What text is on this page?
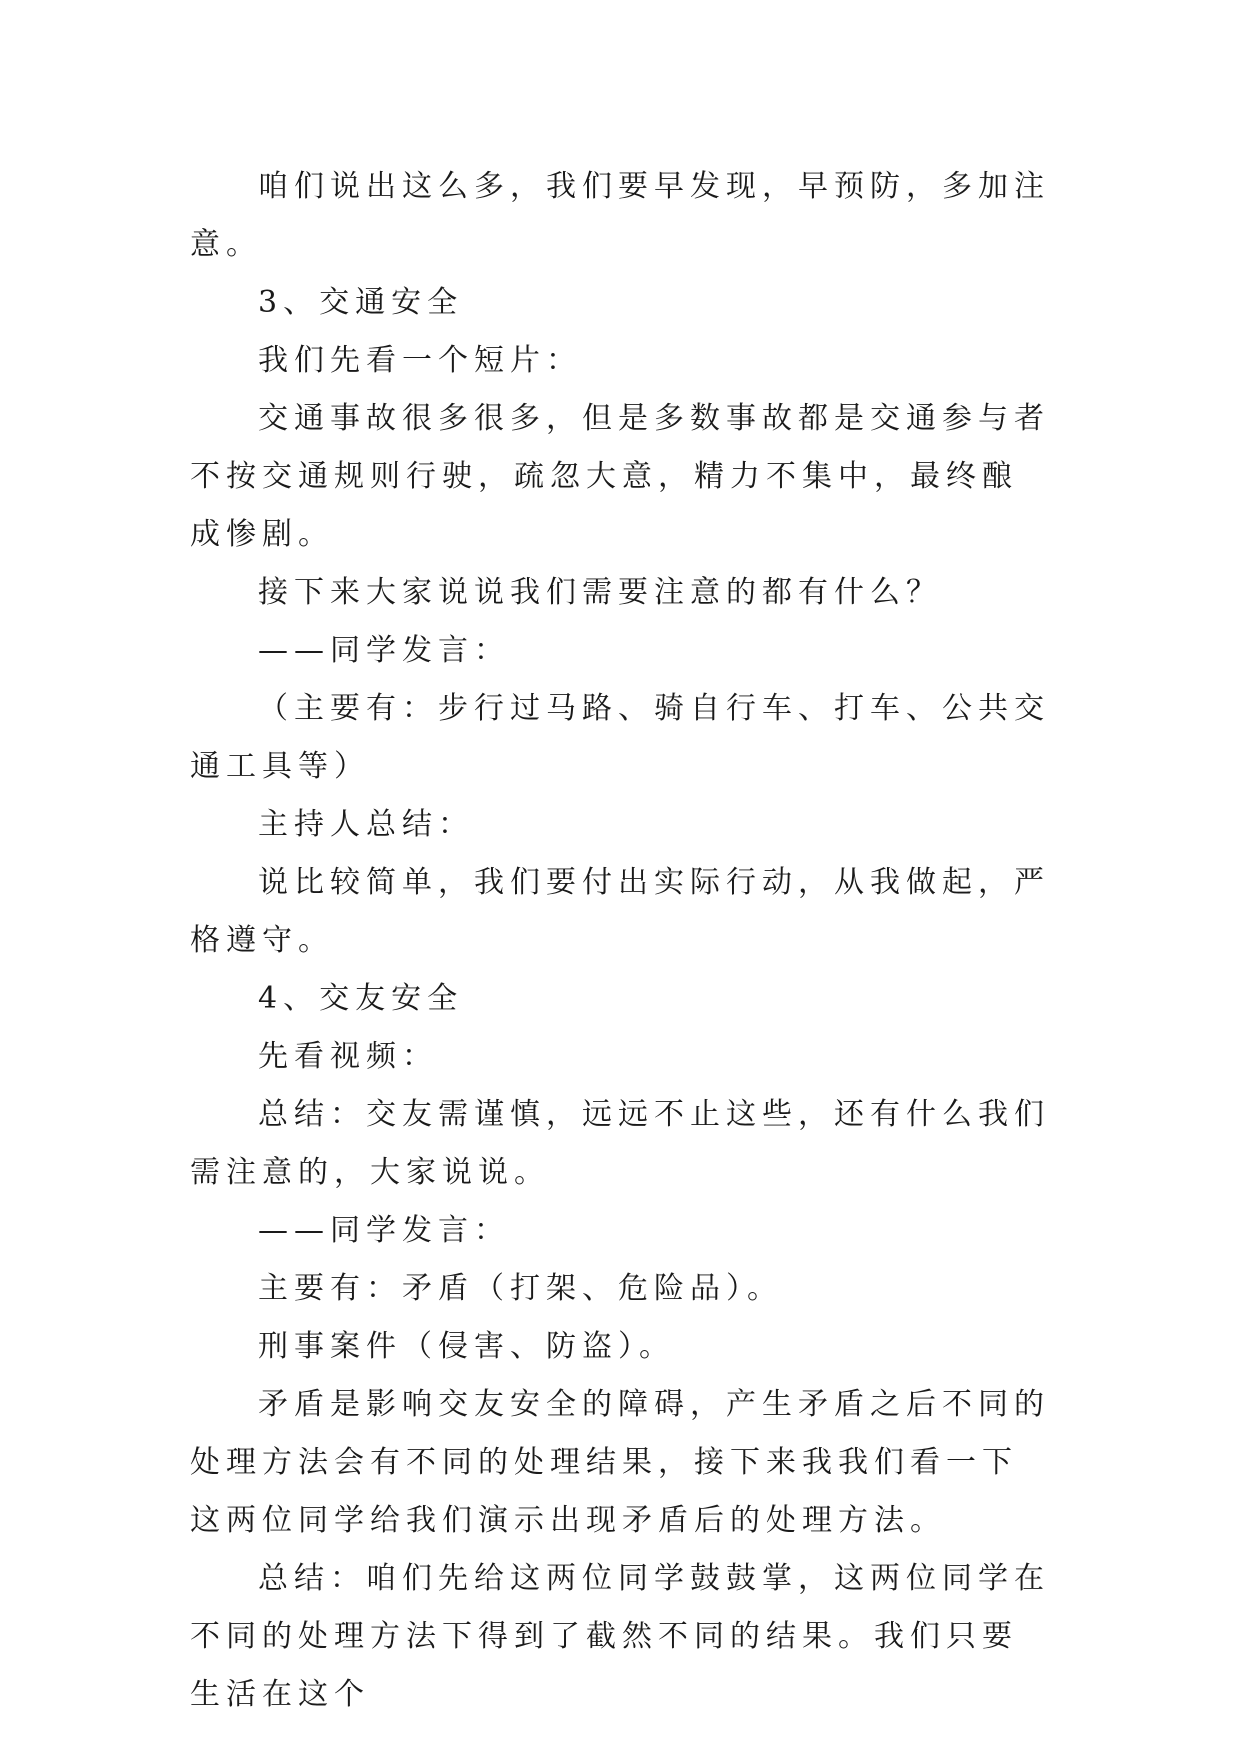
咱们说出这么多，我们要早发现，早预防，多加注意。

3、交通安全

我们先看一个短片：

交通事故很多很多，但是多数事故都是交通参与者不按交通规则行驶，疏忽大意，精力不集中，最终酿成惨剧。

接下来大家说说我们需要注意的都有什么？

——同学发言：

（主要有：步行过马路、骑自行车、打车、公共交通工具等）

主持人总结：

说比较简单，我们要付出实际行动，从我做起，严格遵守。

4、交友安全

先看视频：

总结：交友需谨慎，远远不止这些，还有什么我们需注意的，大家说说。

——同学发言：

主要有：矛盾（打架、危险品）。

刑事案件（侵害、防盗）。

矛盾是影响交友安全的障碍，产生矛盾之后不同的处理方法会有不同的处理结果，接下来我我们看一下这两位同学给我们演示出现矛盾后的处理方法。

总结：咱们先给这两位同学鼓鼓掌，这两位同学在不同的处理方法下得到了截然不同的结果。我们只要生活在这个
